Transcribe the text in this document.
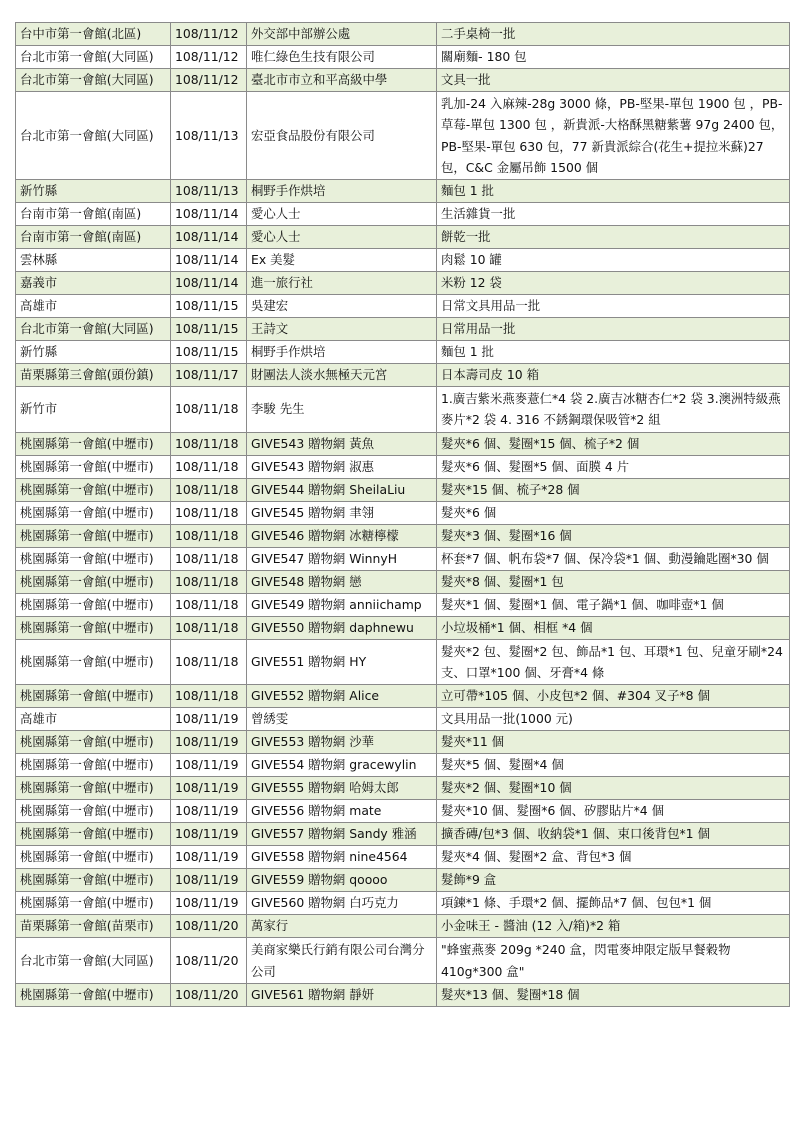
台中市第一會館(北區)	108/11/12	外交部中部辦公處	二手桌椅一批
台北市第一會館(大同區)	108/11/12	唯仁綠色生技有限公司	關廟麵- 180 包
台北市第一會館(大同區)	108/11/12	臺北市市立和平高級中學	文具一批
台北市第一會館(大同區)	108/11/13	宏亞食品股份有限公司	乳加-24 入麻辣-28g 3000 條，PB-堅果-單包 1900 包 ，PB-草莓-單包 1300 包 ，新貴派-大格酥黑糖紫薯 97g 2400 包，PB-堅果-單包 630 包，77 新貴派綜合(花生+提拉米蘇)27 包，C&C 金屬吊飾 1500 個
新竹縣	108/11/13	桐野手作烘培	麵包 1 批
台南市第一會館(南區)	108/11/14	愛心人士	生活雜貨一批
台南市第一會館(南區)	108/11/14	愛心人士	餅乾一批
雲林縣	108/11/14	Ex 美髮	肉鬆 10 罐
嘉義市	108/11/14	進一旅行社	米粉 12 袋
高雄市	108/11/15	吳建宏	日常文具用品一批
台北市第一會館(大同區)	108/11/15	王詩文	日常用品一批
新竹縣	108/11/15	桐野手作烘培	麵包 1 批
苗栗縣第三會館(頭份鎮)	108/11/17	財團法人淡水無極天元宮	日本壽司皮 10 箱
新竹市	108/11/18	李駿 先生	1.廣吉紫米燕麥薏仁*4 袋 2.廣吉冰糖杏仁*2 袋 3.澳洲特級燕麥片*2 袋 4. 316 不銹鋼環保吸管*2 組
桃園縣第一會館(中壢市)	108/11/18	GIVE543 贈物網 黃魚	髮夾*6 個、髮圈*15 個、梳子*2 個
桃園縣第一會館(中壢市)	108/11/18	GIVE543 贈物網 淑惠	髮夾*6 個、髮圈*5 個、面膜 4 片
桃園縣第一會館(中壢市)	108/11/18	GIVE544 贈物網 SheilaLiu	髮夾*15 個、梳子*28 個
桃園縣第一會館(中壢市)	108/11/18	GIVE545 贈物網 聿翎	髮夾*6 個
桃園縣第一會館(中壢市)	108/11/18	GIVE546 贈物網 冰糖檸檬	髮夾*3 個、髮圈*16 個
桃園縣第一會館(中壢市)	108/11/18	GIVE547 贈物網 WinnyH	杯套*7 個、帆布袋*7 個、保冷袋*1 個、動漫鑰匙圈*30 個
桃園縣第一會館(中壢市)	108/11/18	GIVE548 贈物網 戀	髮夾*8 個、髮圈*1 包
桃園縣第一會館(中壢市)	108/11/18	GIVE549 贈物網 anniichamp	髮夾*1 個、髮圈*1 個、電子鍋*1 個、咖啡壺*1 個
桃園縣第一會館(中壢市)	108/11/18	GIVE550 贈物網 daphnewu	小垃圾桶*1 個、相框 *4 個
桃園縣第一會館(中壢市)	108/11/18	GIVE551 贈物網 HY	髮夾*2 包、髮圈*2 包、飾品*1 包、耳環*1 包、兒童牙刷*24 支、口罩*100 個、牙膏*4 條
桃園縣第一會館(中壢市)	108/11/18	GIVE552 贈物網 Alice	立可帶*105 個、小皮包*2 個、#304 叉子*8 個
高雄市	108/11/19	曾綉雯	文具用品一批(1000 元)
桃園縣第一會館(中壢市)	108/11/19	GIVE553 贈物網 沙華	髮夾*11 個
桃園縣第一會館(中壢市)	108/11/19	GIVE554 贈物網 gracewylin	髮夾*5 個、髮圈*4 個
桃園縣第一會館(中壢市)	108/11/19	GIVE555 贈物網 哈姆太郎	髮夾*2 個、髮圈*10 個
桃園縣第一會館(中壢市)	108/11/19	GIVE556 贈物網 mate	髮夾*10 個、髮圈*6 個、矽膠貼片*4 個
桃園縣第一會館(中壢市)	108/11/19	GIVE557 贈物網 Sandy 雅涵	擴香磚/包*3 個、收納袋*1 個、束口後背包*1 個
桃園縣第一會館(中壢市)	108/11/19	GIVE558 贈物網 nine4564	髮夾*4 個、髮圈*2 盒、背包*3 個
桃園縣第一會館(中壢市)	108/11/19	GIVE559 贈物網 qoooo	髮飾*9 盒
桃園縣第一會館(中壢市)	108/11/19	GIVE560 贈物網 白巧克力	項鍊*1 條、手環*2 個、擺飾品*7 個、包包*1 個
苗栗縣第一會館(苗栗市)	108/11/20	萬家行	小金味王 - 醬油 (12 入/箱)*2 箱
台北市第一會館(大同區)	108/11/20	美商家樂氏行銷有限公司台灣分公司	"蜂蜜燕麥 209g *240 盒，閃電麥坤限定版早餐穀物 410g*300 盒"
桃園縣第一會館(中壢市)	108/11/20	GIVE561 贈物網 靜妍	髮夾*13 個、髮圈*18 個
